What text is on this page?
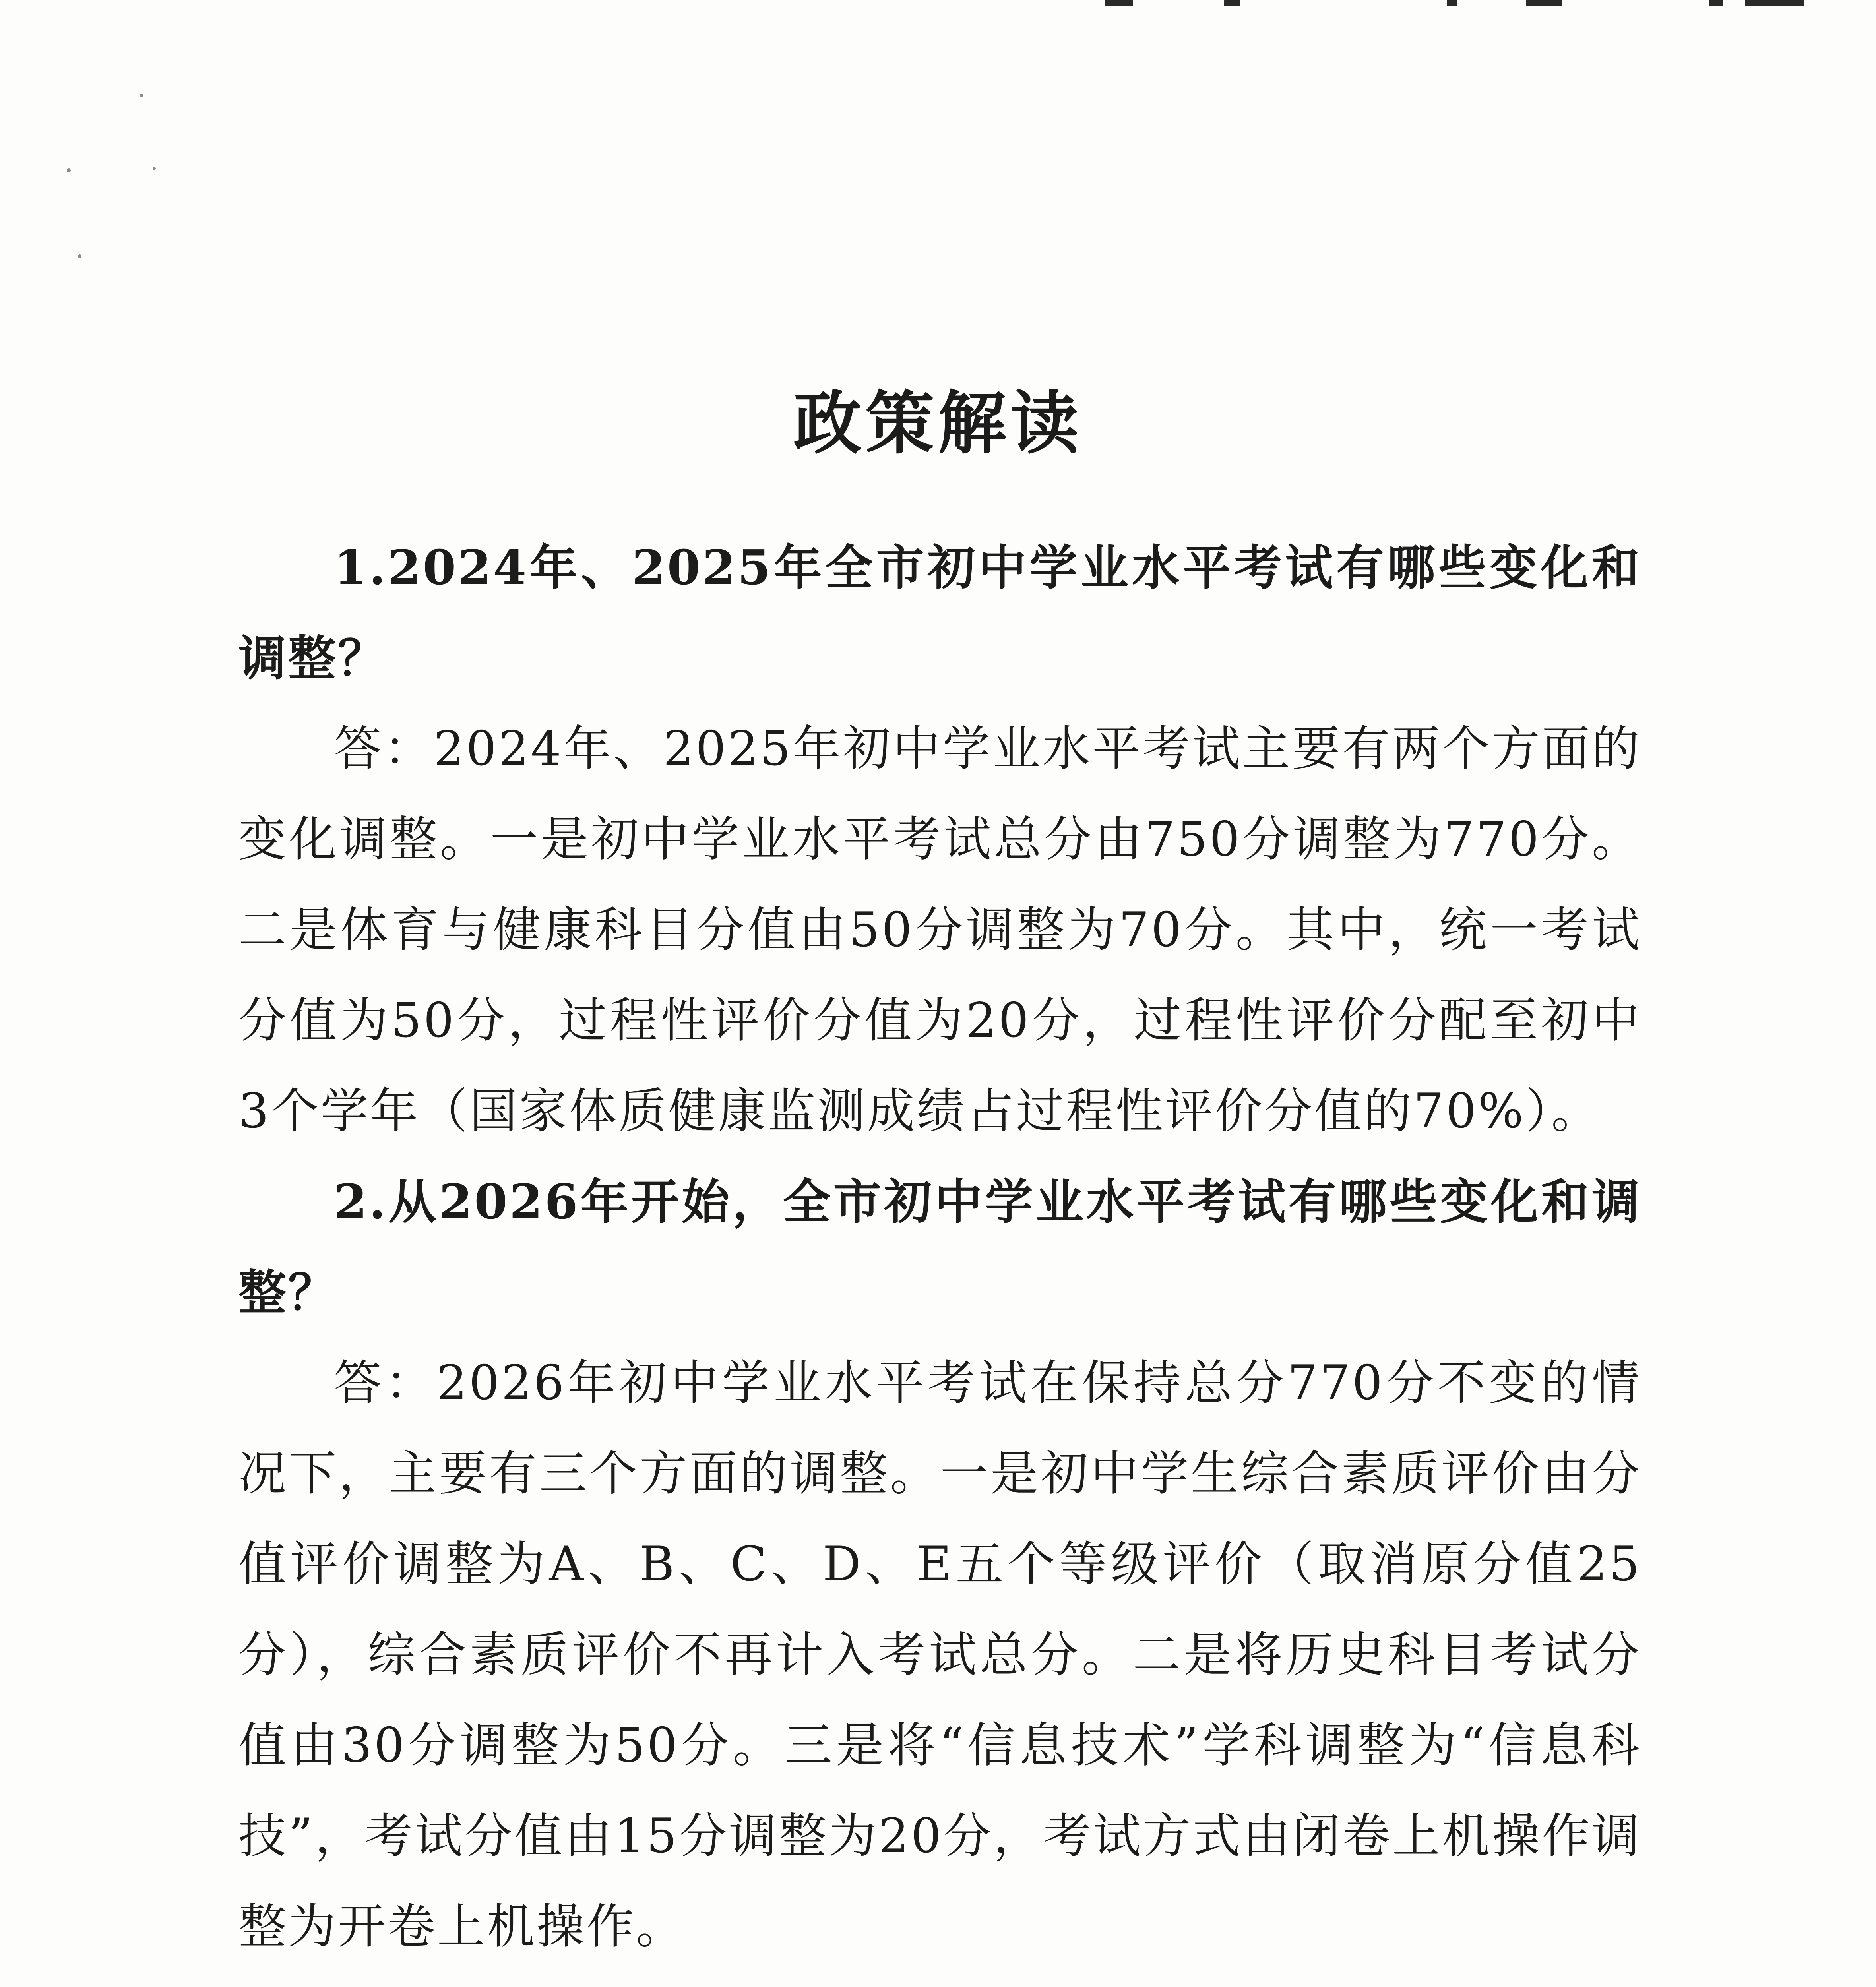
政策解读

1.2024年、2025年全市初中学业水平考试有哪些变化和调整？

答：2024年、2025年初中学业水平考试主要有两个方面的变化调整。一是初中学业水平考试总分由750分调整为770分。二是体育与健康科目分值由50分调整为70分。其中，统一考试分值为50分，过程性评价分值为20分，过程性评价分配至初中3个学年（国家体质健康监测成绩占过程性评价分值的70%）。

2.从2026年开始，全市初中学业水平考试有哪些变化和调整？

答：2026年初中学业水平考试在保持总分770分不变的情况下，主要有三个方面的调整。一是初中学生综合素质评价由分值评价调整为A、B、C、D、E五个等级评价（取消原分值25分），综合素质评价不再计入考试总分。二是将历史科目考试分值由30分调整为50分。三是将“信息技术”学科调整为“信息科技”，考试分值由15分调整为20分，考试方式由闭卷上机操作调整为开卷上机操作。
